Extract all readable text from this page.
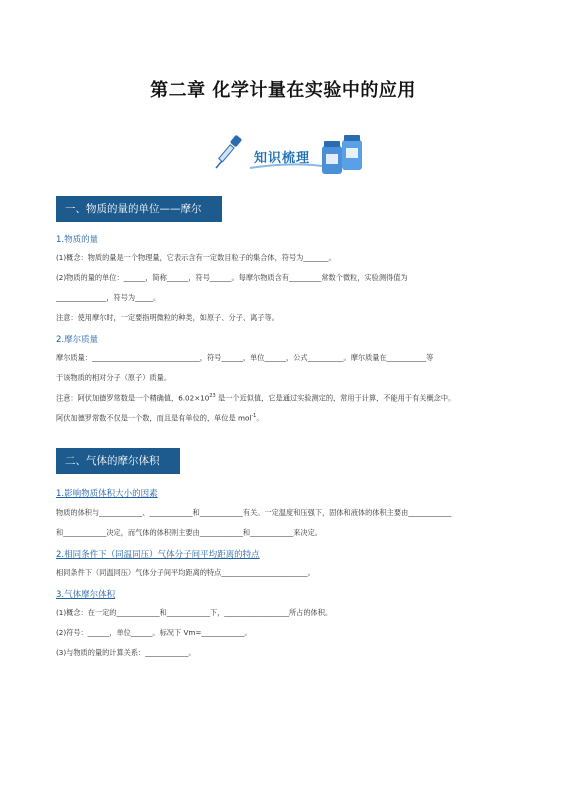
第二章 化学计量在实验中的应用
知识梳理
一、物质的量的单位——摩尔
1.物质的量
(1)概念：物质的量是一个物理量，它表示含有一定数目粒子的集合体，符号为_______。
(2)物质的量的单位：______，简称______，符号______。每摩尔物质含有_________常数个微粒，实验测得值为
______________，符号为_____。
注意：使用摩尔时，一定要指明微粒的种类，如原子、分子、离子等。
2.摩尔质量
摩尔质量：______________________________，符号______，单位______，公式__________。摩尔质量在___________等
于该物质的相对分子（原子）质量。
注意：阿伏加德罗常数是一个精确值，$6.02\times 10^{23}$ 是一个近似值，它是通过实验测定的，常用于计算，不能用于有关概念中。
阿伏加德罗常数不仅是一个数，而且是有单位的，单位是 mol$^{-1}$。
二、气体的摩尔体积
1.影响物质体积大小的因素
物质的体积与____________、____________和____________有关。一定温度和压强下，固体和液体的体积主要由____________
和____________决定，而气体的体积则主要由____________和____________来决定。
2.相同条件下（同温同压）气体分子间平均距离的特点
相同条件下（同温同压）气体分子间平均距离的特点________________________。
3.气体摩尔体积
(1)概念：在一定的____________和____________下，__________________所占的体积。
(2)符号：______，单位______。标况下 Vm=____________。
(3)与物质的量的计算关系：____________。
